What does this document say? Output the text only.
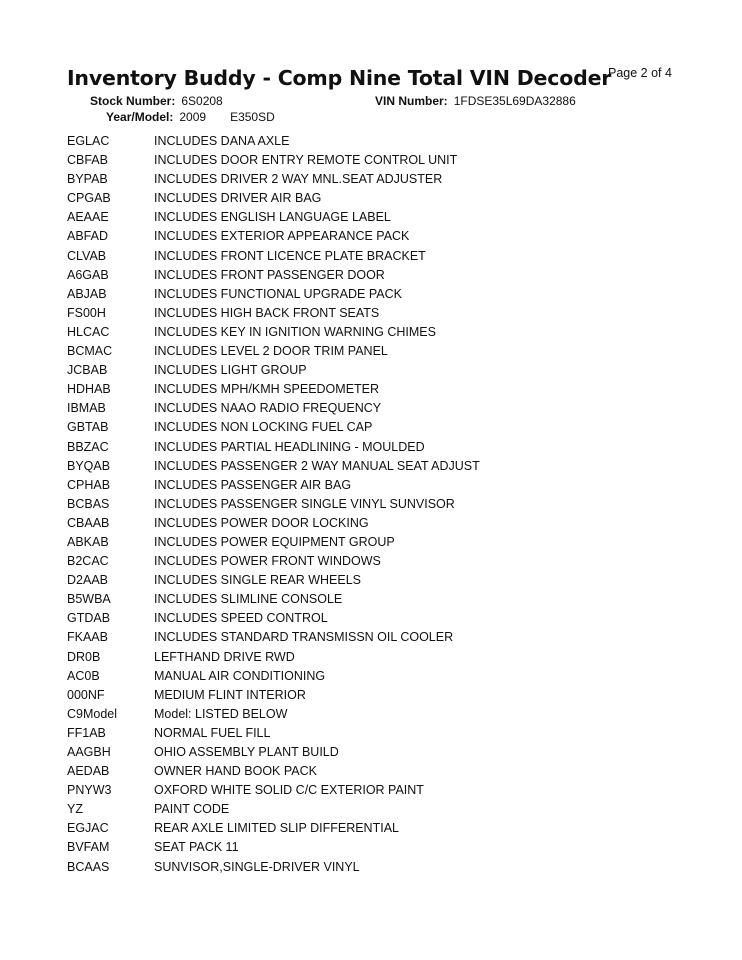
Inventory Buddy - Comp Nine Total VIN Decoder
Page 2 of 4
Stock Number: 6S0208	VIN Number: 1FDSE35L69DA32886
Year/Model: 2009 E350SD
EGLAC	INCLUDES DANA AXLE
CBFAB	INCLUDES DOOR ENTRY REMOTE CONTROL UNIT
BYPAB	INCLUDES DRIVER 2 WAY MNL.SEAT ADJUSTER
CPGAB	INCLUDES DRIVER AIR BAG
AEAAE	INCLUDES ENGLISH LANGUAGE LABEL
ABFAD	INCLUDES EXTERIOR APPEARANCE PACK
CLVAB	INCLUDES FRONT LICENCE PLATE BRACKET
A6GAB	INCLUDES FRONT PASSENGER DOOR
ABJAB	INCLUDES FUNCTIONAL UPGRADE PACK
FS00H	INCLUDES HIGH BACK FRONT SEATS
HLCAC	INCLUDES KEY IN IGNITION WARNING CHIMES
BCMAC	INCLUDES LEVEL 2 DOOR TRIM PANEL
JCBAB	INCLUDES LIGHT GROUP
HDHAB	INCLUDES MPH/KMH SPEEDOMETER
IBMAB	INCLUDES NAAO RADIO FREQUENCY
GBTAB	INCLUDES NON LOCKING FUEL CAP
BBZAC	INCLUDES PARTIAL HEADLINING - MOULDED
BYQAB	INCLUDES PASSENGER 2 WAY MANUAL SEAT ADJUST
CPHAB	INCLUDES PASSENGER AIR BAG
BCBAS	INCLUDES PASSENGER SINGLE VINYL SUNVISOR
CBAAB	INCLUDES POWER DOOR LOCKING
ABKAB	INCLUDES POWER EQUIPMENT GROUP
B2CAC	INCLUDES POWER FRONT WINDOWS
D2AAB	INCLUDES SINGLE REAR WHEELS
B5WBA	INCLUDES SLIMLINE CONSOLE
GTDAB	INCLUDES SPEED CONTROL
FKAAB	INCLUDES STANDARD TRANSMISSN OIL COOLER
DR0B	LEFTHAND DRIVE RWD
AC0B	MANUAL AIR CONDITIONING
000NF	MEDIUM FLINT INTERIOR
C9Model	Model: LISTED BELOW
FF1AB	NORMAL FUEL FILL
AAGBH	OHIO ASSEMBLY PLANT BUILD
AEDAB	OWNER HAND BOOK PACK
PNYW3	OXFORD WHITE SOLID C/C EXTERIOR PAINT
YZ	PAINT CODE
EGJAC	REAR AXLE LIMITED SLIP DIFFERENTIAL
BVFAM	SEAT PACK 11
BCAAS	SUNVISOR,SINGLE-DRIVER VINYL
